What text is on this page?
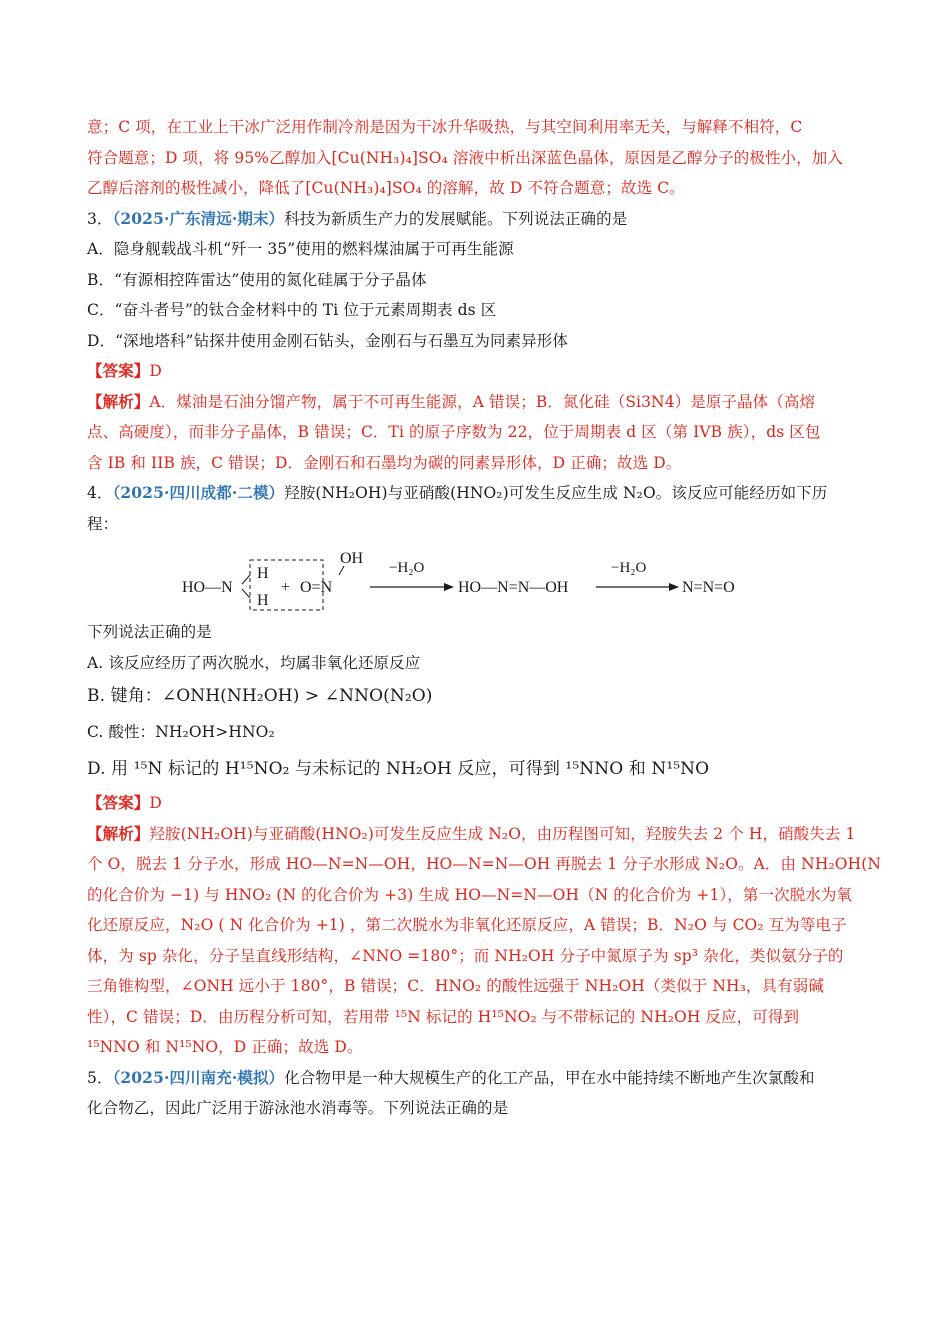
意；C 项，在工业上干冰广泛用作制冷剂是因为干冰升华吸热，与其空间利用率无关，与解释不相符，C
符合题意；D 项，将 95%乙醇加入[Cu(NH₃)₄]SO₄ 溶液中析出深蓝色晶体，原因是乙醇分子的极性小，加入
乙醇后溶剂的极性减小，降低了[Cu(NH₃)₄]SO₄ 的溶解，故 D 不符合题意；故选 C。
3．（2025·广东清远·期末）科技为新质生产力的发展赋能。下列说法正确的是
A．隐身舰载战斗机“歼一 35”使用的燃料煤油属于可再生能源
B．“有源相控阵雷达”使用的氮化硅属于分子晶体
C．“奋斗者号”的钛合金材料中的 Ti 位于元素周期表 ds 区
D．“深地塔科”钻探井使用金刚石钻头，金刚石与石墨互为同素异形体
【答案】D
【解析】A．煤油是石油分馏产物，属于不可再生能源，A 错误；B．氮化硅（Si3N4）是原子晶体（高熔
点、高硬度），而非分子晶体，B 错误；C．Ti 的原子序数为 22，位于周期表 d 区（第 IVB 族），ds 区包
含 IB 和 IIB 族，C 错误；D．金刚石和石墨均为碳的同素异形体，D 正确；故选 D。
4．（2025·四川成都·二模）羟胺(NH₂OH)与亚硝酸(HNO₂)可发生反应生成 N₂O。该反应可能经历如下历
程：
HO—N
H
H
+ O=N
OH
−H₂O
HO—N=N—OH
−H₂O
N=N=O
下列说法正确的是
A. 该反应经历了两次脱水，均属非氧化还原反应
B. 键角：∠ONH(NH₂OH) > ∠NNO(N₂O)
C. 酸性：NH₂OH>HNO₂
D. 用 ¹⁵N 标记的 H¹⁵NO₂ 与未标记的 NH₂OH 反应，可得到 ¹⁵NNO 和 N¹⁵NO
【答案】D
【解析】羟胺(NH₂OH)与亚硝酸(HNO₂)可发生反应生成 N₂O，由历程图可知，羟胺失去 2 个 H，硝酸失去 1
个 O，脱去 1 分子水，形成 HO—N=N—OH，HO—N=N—OH 再脱去 1 分子水形成 N₂O。A．由 NH₂OH(N
的化合价为 −1) 与 HNO₂ (N 的化合价为 +3) 生成 HO—N=N—OH（N 的化合价为 +1），第一次脱水为氧
化还原反应，N₂O ( N 化合价为 +1) ，第二次脱水为非氧化还原反应，A 错误；B．N₂O 与 CO₂ 互为等电子
体，为 sp 杂化，分子呈直线形结构，∠NNO =180°；而 NH₂OH 分子中氮原子为 sp³ 杂化，类似氨分子的
三角锥构型，∠ONH 远小于 180°，B 错误；C．HNO₂ 的酸性远强于 NH₂OH（类似于 NH₃，具有弱碱
性），C 错误；D．由历程分析可知，若用带 ¹⁵N 标记的 H¹⁵NO₂ 与不带标记的 NH₂OH 反应，可得到
¹⁵NNO 和 N¹⁵NO，D 正确；故选 D。
5．（2025·四川南充·模拟）化合物甲是一种大规模生产的化工产品，甲在水中能持续不断地产生次氯酸和
化合物乙，因此广泛用于游泳池水消毒等。下列说法正确的是
